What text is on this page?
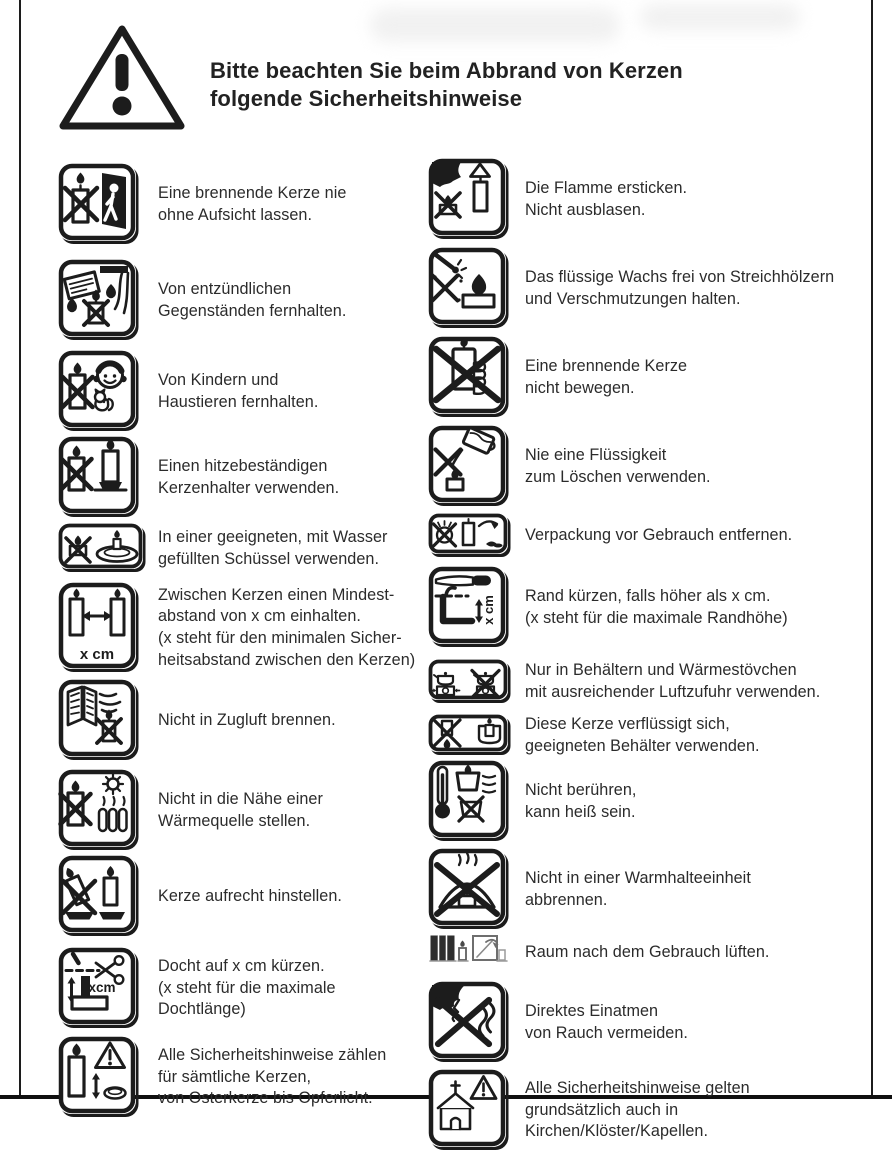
Bitte beachten Sie beim Abbrand von Kerzen
folgende Sicherheitshinweise
Eine brennende Kerze nie
ohne Aufsicht lassen.
Von entzündlichen
Gegenständen fernhalten.
Von Kindern und
Haustieren fernhalten.
Einen hitzebeständigen
Kerzenhalter verwenden.
In einer geeigneten, mit Wasser
gefüllten Schüssel verwenden.
x cm
Zwischen Kerzen einen Mindest-
abstand von x cm einhalten.
(x steht für den minimalen Sicher-
heitsabstand zwischen den Kerzen)
Nicht in Zugluft brennen.
Nicht in die Nähe einer
Wärmequelle stellen.
Kerze aufrecht hinstellen.
xcm
Docht auf x cm kürzen.
(x steht für die maximale
Dochtlänge)
Alle Sicherheitshinweise zählen
für sämtliche Kerzen,
von Osterkerze bis Opferlicht.
Die Flamme ersticken.
Nicht ausblasen.
Das flüssige Wachs frei von Streichhölzern
und Verschmutzungen halten.
Eine brennende Kerze
nicht bewegen.
Nie eine Flüssigkeit
zum Löschen verwenden.
Verpackung vor Gebrauch entfernen.
x cm Rand kürzen, falls höher als x cm.
(x steht für die maximale Randhöhe)
Nur in Behältern und Wärmestövchen
mit ausreichender Luftzufuhr verwenden.
Diese Kerze verflüssigt sich,
geeigneten Behälter verwenden.
Nicht berühren,
kann heiß sein.
Nicht in einer Warmhalteeinheit
abbrennen.
Raum nach dem Gebrauch lüften.
Direktes Einatmen
von Rauch vermeiden.
Alle Sicherheitshinweise gelten
grundsätzlich auch in
Kirchen/Klöster/Kapellen.
